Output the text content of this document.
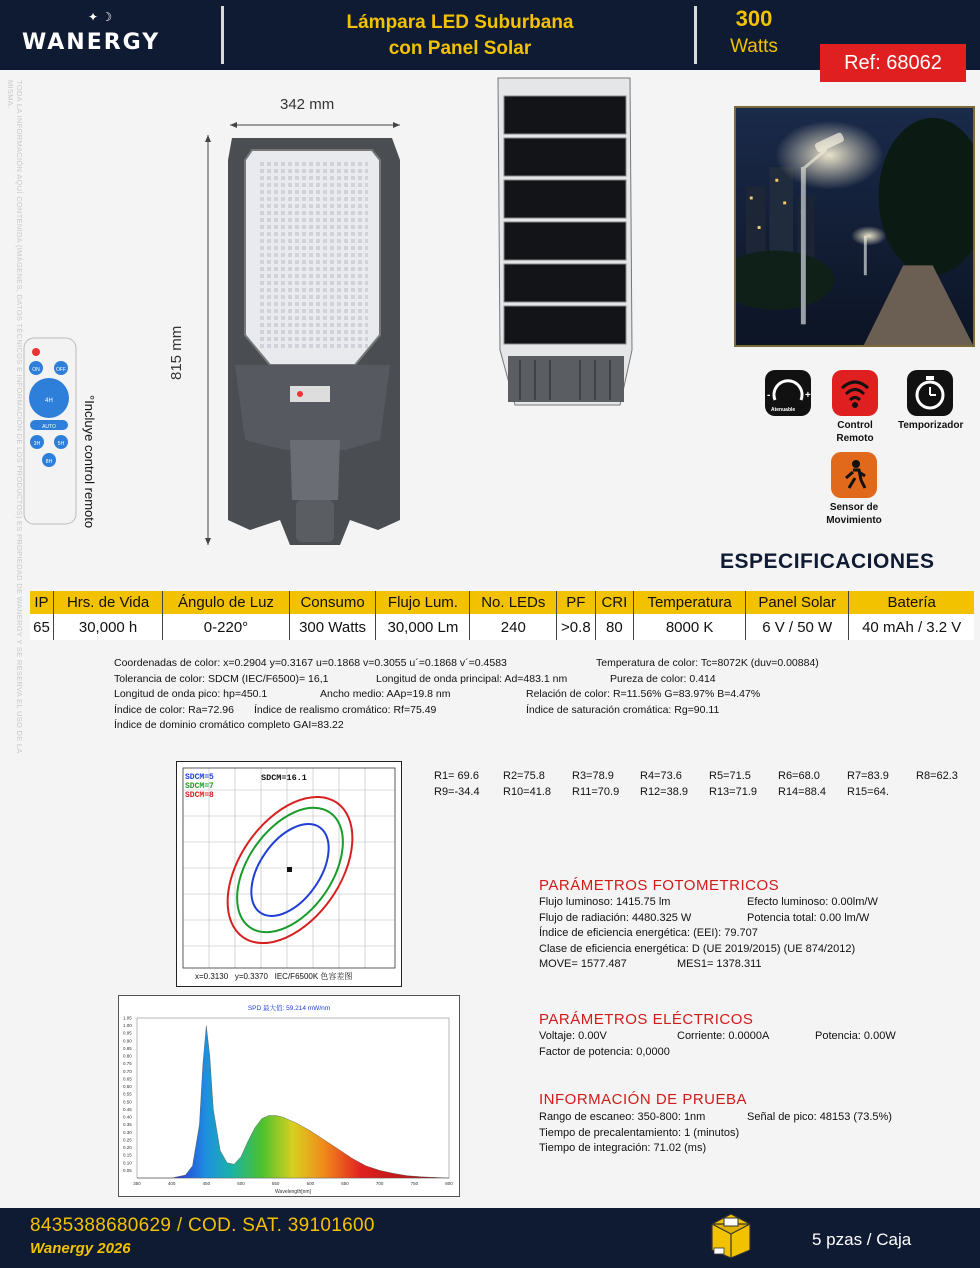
✦ ☽
WANERGY
Lámpara LED Suburbana
con Panel Solar
300
Watts
Ref: 68062
TODA LA INFORMACIÓN AQUÍ CONTENIDA (IMÁGENES, DATOS TÉCNICOS E INFORMACIÓN DE LOS PRODUCTOS) ES PROPIEDAD DE WANERGY Y SE RESERVA EL USO DE LA MISMA.	342 mm
ON	OFF
4H
AUTO
3H	5H
8H
815 mm
°Incluye control remoto	+
-
Atenuable
Control Remoto
Temporizador
Sensor de Movimiento
ESPECIFICACIONES
IP	Hrs. de Vida	Ángulo de Luz	Consumo	Flujo Lum.	No. LEDs	PF	CRI	Temperatura	Panel Solar	Batería
65	30,000 h	0-220°	300 Watts	30,000 Lm	240	>0.8	80	8000 K	6 V / 50 W	40 mAh / 3.2 V
Coordenadas de color: x=0.2904 y=0.3167 u=0.1868 v=0.3055 u´=0.1868 v´=0.4583	Temperatura de color: Tc=8072K (duv=0.00884)
Tolerancia de color: SDCM (IEC/F6500)= 16,1	Longitud de onda principal: Ad=483.1 nm	Pureza de color: 0.414
Longitud de onda pico: hp=450.1	Ancho medio: AAp=19.8 nm	Relación de color: R=11.56% G=83.97% B=4.47%
Índice de color: Ra=72.96 Índice de realismo cromático: Rf=75.49	Índice de saturación cromática: Rg=90.11
Índice de dominio cromático completo GAI=83.22
SDCM=5
SDCM=7
SDCM=8
SDCM=16.1
x=0.3130 y=0.3370 IEC/F6500K 色容差图
R1= 69.6 R2=75.8 R3=78.9 R4=73.6 R5=71.5 R6=68.0 R7=83.9 R8=62.3
R9=-34.4 R10=41.8 R11=70.9 R12=38.9 R13=71.9 R14=88.4 R15=64.
PARÁMETROS FOTOMETRICOS
Flujo luminoso: 1415.75 lm	Efecto luminoso: 0.00lm/W
Flujo de radiación: 4480.325 W	Potencia total: 0.00 lm/W
Índice de eficiencia energética: (EEI): 79.707
Clase de eficiencia energética: D (UE 2019/2015) (UE 874/2012)
MOVE= 1577.487	MES1= 1378.311
PARÁMETROS ELÉCTRICOS
Voltaje: 0.00V	Corriente: 0.0000A	Potencia: 0.00W
Factor de potencia: 0,0000
INFORMACIÓN DE PRUEBA
Rango de escaneo: 350-800: 1nm	Señal de pico: 48153 (73.5%)
Tiempo de precalentamiento: 1 (minutos)
Tiempo de integración: 71.02 (ms)
SPD 最大值: 59.214 mW/nm
350	400	450	500	550	600	650	700	750	800
0.05
0.10
0.15
0.20
0.25
0.30
0.35
0.40
0.45
0.50
0.55
0.60
0.65
0.70
0.75
0.80
0.85
0.90
0.95
1.00
1.05
Wavelength[nm]
8435388680629 / COD. SAT. 39101600
Wanergy 2026	5 pzas / Caja
